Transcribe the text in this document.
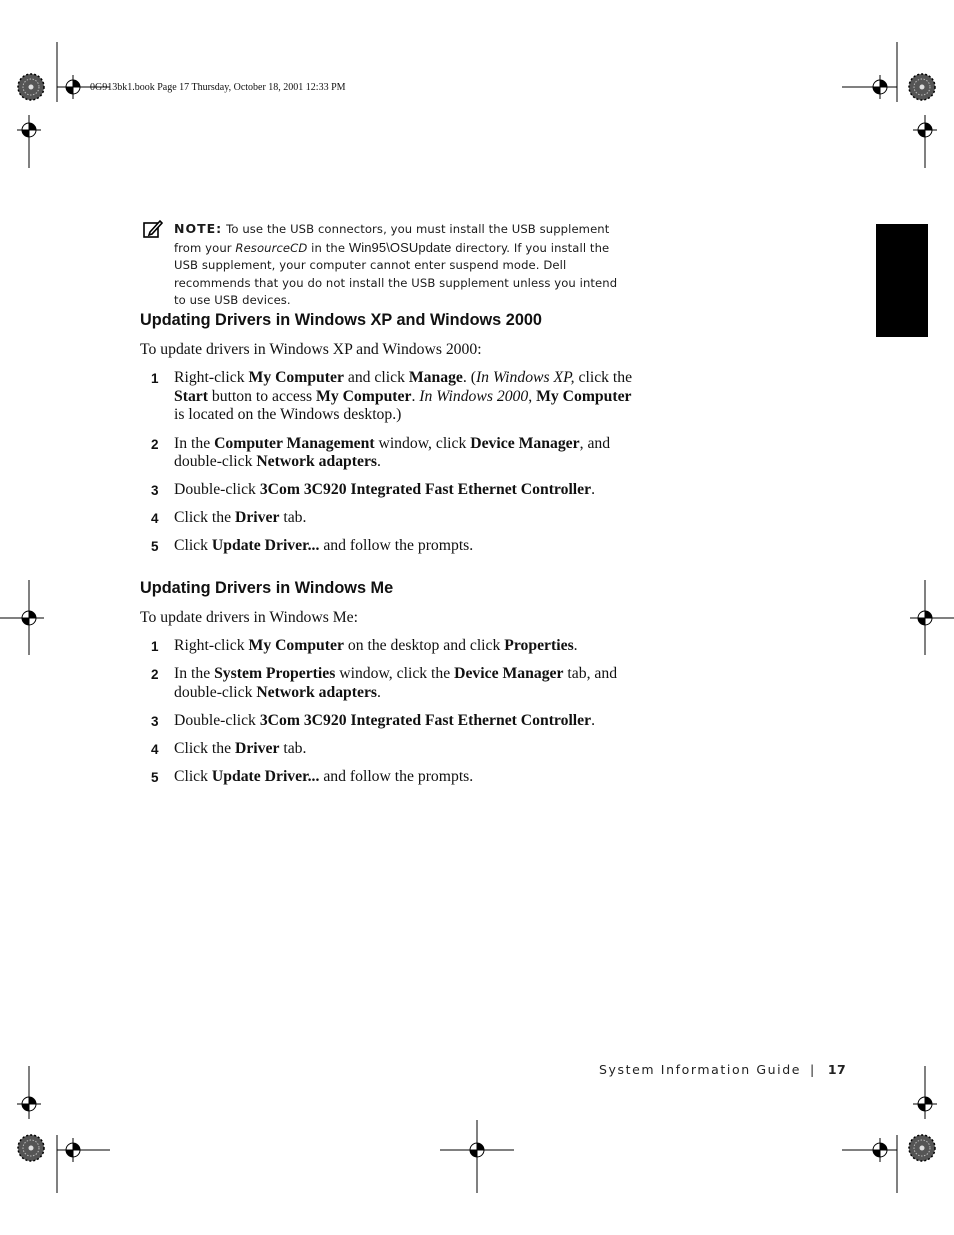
0G913bk1.book Page 17 Thursday, October 18, 2001 12:33 PM
NOTE: To use the USB connectors, you must install the USB supplement from your ResourceCD in the Win95\OSUpdate directory. If you install the USB supplement, your computer cannot enter suspend mode. Dell recommends that you do not install the USB supplement unless you intend to use USB devices.
Updating Drivers in Windows XP and Windows 2000
To update drivers in Windows XP and Windows 2000:
1 Right-click My Computer and click Manage. (In Windows XP, click the Start button to access My Computer. In Windows 2000, My Computer is located on the Windows desktop.)
2 In the Computer Management window, click Device Manager, and double-click Network adapters.
3 Double-click 3Com 3C920 Integrated Fast Ethernet Controller.
4 Click the Driver tab.
5 Click Update Driver... and follow the prompts.
Updating Drivers in Windows Me
To update drivers in Windows Me:
1 Right-click My Computer on the desktop and click Properties.
2 In the System Properties window, click the Device Manager tab, and double-click Network adapters.
3 Double-click 3Com 3C920 Integrated Fast Ethernet Controller.
4 Click the Driver tab.
5 Click Update Driver... and follow the prompts.
System Information Guide | 17
